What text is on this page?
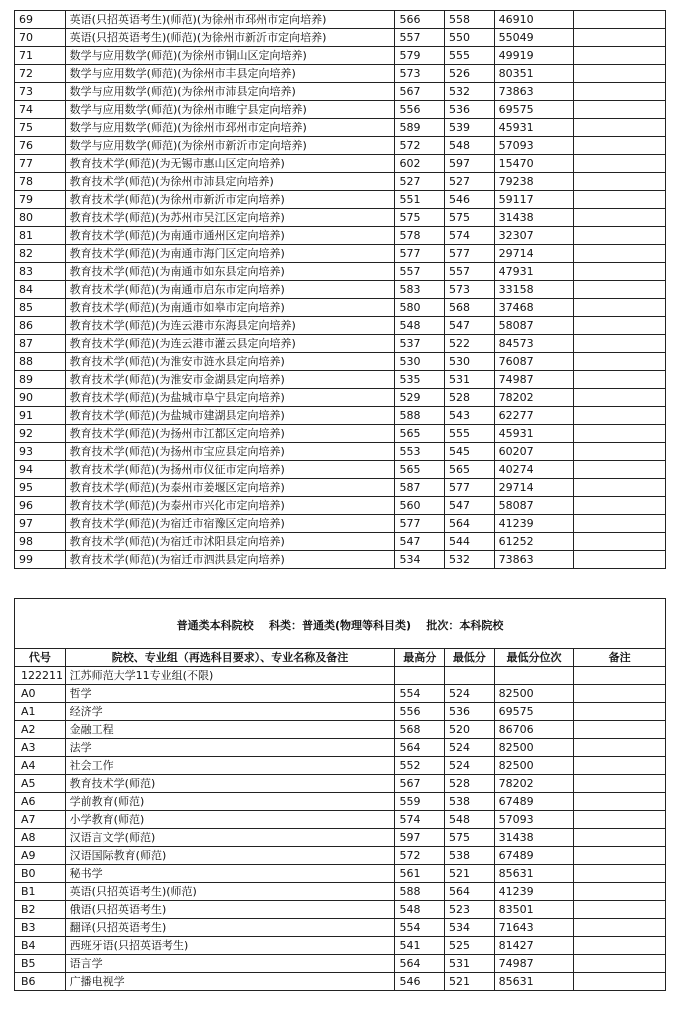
69	英语(只招英语考生)(师范)(为徐州市邳州市定向培养)	566	558	46910	
70	英语(只招英语考生)(师范)(为徐州市新沂市定向培养)	557	550	55049	
71	数学与应用数学(师范)(为徐州市铜山区定向培养)	579	555	49919	
72	数学与应用数学(师范)(为徐州市丰县定向培养)	573	526	80351	
73	数学与应用数学(师范)(为徐州市沛县定向培养)	567	532	73863	
74	数学与应用数学(师范)(为徐州市睢宁县定向培养)	556	536	69575	
75	数学与应用数学(师范)(为徐州市邳州市定向培养)	589	539	45931	
76	数学与应用数学(师范)(为徐州市新沂市定向培养)	572	548	57093	
77	教育技术学(师范)(为无锡市惠山区定向培养)	602	597	15470	
78	教育技术学(师范)(为徐州市沛县定向培养)	527	527	79238	
79	教育技术学(师范)(为徐州市新沂市定向培养)	551	546	59117	
80	教育技术学(师范)(为苏州市吴江区定向培养)	575	575	31438	
81	教育技术学(师范)(为南通市通州区定向培养)	578	574	32307	
82	教育技术学(师范)(为南通市海门区定向培养)	577	577	29714	
83	教育技术学(师范)(为南通市如东县定向培养)	557	557	47931	
84	教育技术学(师范)(为南通市启东市定向培养)	583	573	33158	
85	教育技术学(师范)(为南通市如皋市定向培养)	580	568	37468	
86	教育技术学(师范)(为连云港市东海县定向培养)	548	547	58087	
87	教育技术学(师范)(为连云港市灌云县定向培养)	537	522	84573	
88	教育技术学(师范)(为淮安市涟水县定向培养)	530	530	76087	
89	教育技术学(师范)(为淮安市金湖县定向培养)	535	531	74987	
90	教育技术学(师范)(为盐城市阜宁县定向培养)	529	528	78202	
91	教育技术学(师范)(为盐城市建湖县定向培养)	588	543	62277	
92	教育技术学(师范)(为扬州市江都区定向培养)	565	555	45931	
93	教育技术学(师范)(为扬州市宝应县定向培养)	553	545	60207	
94	教育技术学(师范)(为扬州市仪征市定向培养)	565	565	40274	
95	教育技术学(师范)(为泰州市姜堰区定向培养)	587	577	29714	
96	教育技术学(师范)(为泰州市兴化市定向培养)	560	547	58087	
97	教育技术学(师范)(为宿迁市宿豫区定向培养)	577	564	41239	
98	教育技术学(师范)(为宿迁市沭阳县定向培养)	547	544	61252	
99	教育技术学(师范)(为宿迁市泗洪县定向培养)	534	532	73863	
普通类本科院校    科类：普通类(物理等科目类)    批次：本科院校
代号	院校、专业组（再选科目要求）、专业名称及备注	最高分	最低分	最低分位次	备注
122211	江苏师范大学11专业组(不限)				
A0	哲学	554	524	82500	
A1	经济学	556	536	69575	
A2	金融工程	568	520	86706	
A3	法学	564	524	82500	
A4	社会工作	552	524	82500	
A5	教育技术学(师范)	567	528	78202	
A6	学前教育(师范)	559	538	67489	
A7	小学教育(师范)	574	548	57093	
A8	汉语言文学(师范)	597	575	31438	
A9	汉语国际教育(师范)	572	538	67489	
B0	秘书学	561	521	85631	
B1	英语(只招英语考生)(师范)	588	564	41239	
B2	俄语(只招英语考生)	548	523	83501	
B3	翻译(只招英语考生)	554	534	71643	
B4	西班牙语(只招英语考生)	541	525	81427	
B5	语言学	564	531	74987	
B6	广播电视学	546	521	85631	
